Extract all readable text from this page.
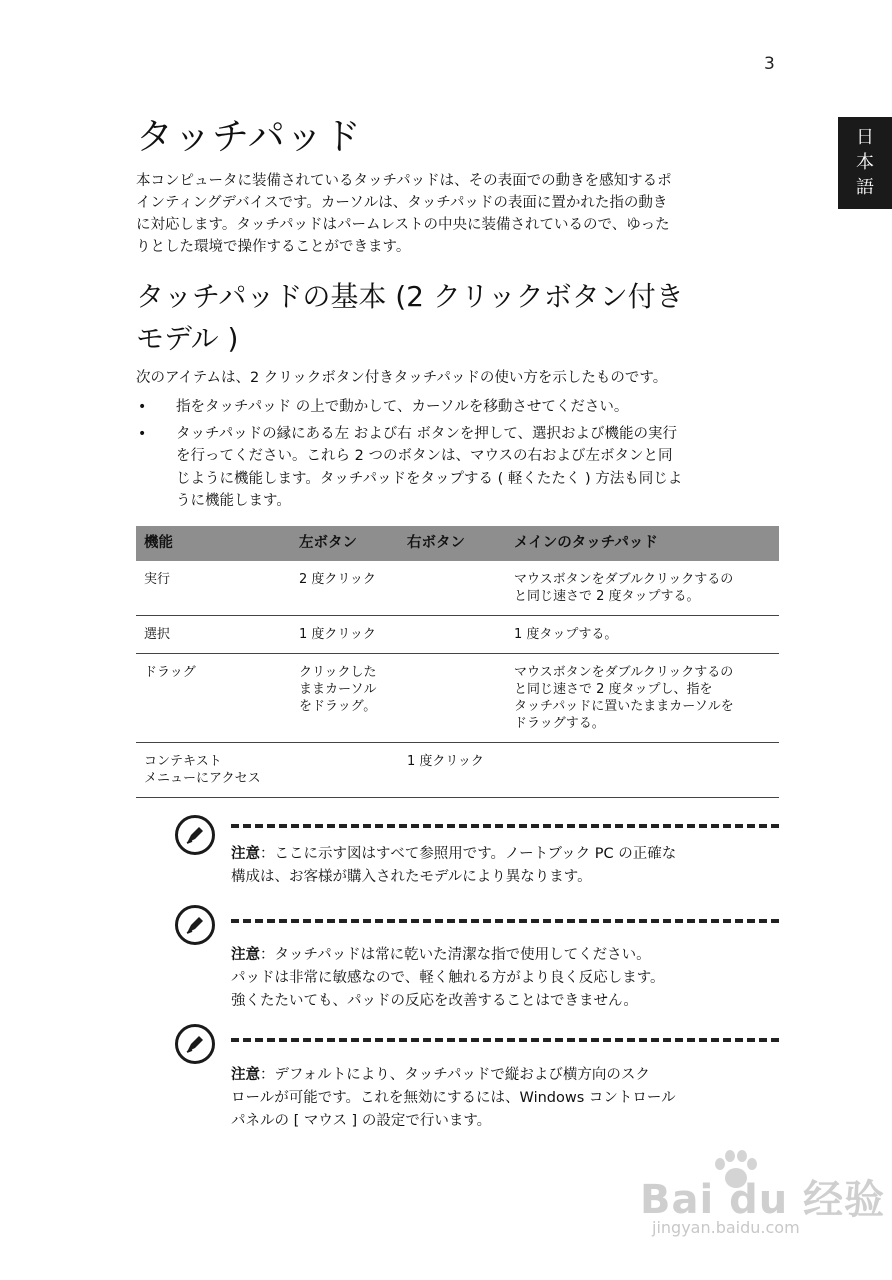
3
日
本
語
タッチパッド

本コンピュータに装備されているタッチパッドは、その表面での動きを感知するポ
インティングデバイスです。カーソルは、タッチパッドの表面に置かれた指の動き
に対応します。タッチパッドはパームレストの中央に装備されているので、ゆった
りとした環境で操作することができます。

タッチパッドの基本 (2 クリックボタン付き
モデル )

次のアイテムは、2 クリックボタン付きタッチパッドの使い方を示したものです。

• 指をタッチパッド の上で動かして、カーソルを移動させてください。
• タッチパッドの縁にある左 および右 ボタンを押して、選択および機能の実行
を行ってください。これら 2 つのボタンは、マウスの右および左ボタンと同
じように機能します。タッチパッドをタップする ( 軽くたたく ) 方法も同じよ
うに機能します。
機能	左ボタン	右ボタン	メインのタッチパッド
実行	2 度クリック		マウスボタンをダブルクリックするの
と同じ速さで 2 度タップする。
選択	1 度クリック		1 度タップする。
ドラッグ	クリックした
ままカーソル
をドラッグ。		マウスボタンをダブルクリックするの
と同じ速さで 2 度タップし、指を
タッチパッドに置いたままカーソルを
ドラッグする。
コンテキスト
メニューにアクセス		1 度クリック	
注意：ここに示す図はすべて参照用です。ノートブック PC の正確な
構成は、お客様が購入されたモデルにより異なります。
注意：タッチパッドは常に乾いた清潔な指で使用してください。
パッドは非常に敏感なので、軽く触れる方がより良く反応します。
強くたたいても、パッドの反応を改善することはできません。
注意：デフォルトにより、タッチパッドで縦および横方向のスク
ロールが可能です。これを無効にするには、Windows コントロール
パネルの [ マウス ] の設定で行います。
Bai du 经验
jingyan.baidu.com
